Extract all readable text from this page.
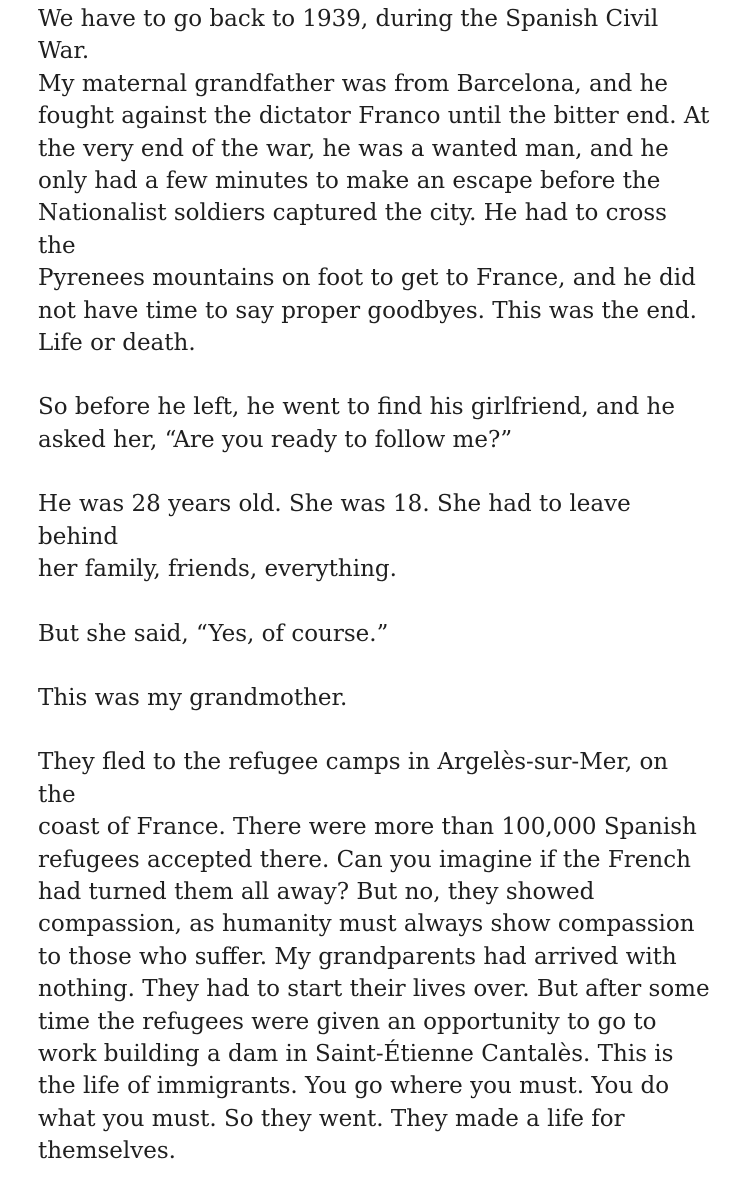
We have to go back to 1939, during the Spanish Civil War.
My maternal grandfather was from Barcelona, and he
fought against the dictator Franco until the bitter end. At
the very end of the war, he was a wanted man, and he
only had a few minutes to make an escape before the
Nationalist soldiers captured the city. He had to cross the
Pyrenees mountains on foot to get to France, and he did
not have time to say proper goodbyes. This was the end.
Life or death.

So before he left, he went to find his girlfriend, and he
asked her, “Are you ready to follow me?”

He was 28 years old. She was 18. She had to leave behind
her family, friends, everything.

But she said, “Yes, of course.”

This was my grandmother.

They fled to the refugee camps in Argelès-sur-Mer, on the
coast of France. There were more than 100,000 Spanish
refugees accepted there. Can you imagine if the French
had turned them all away? But no, they showed
compassion, as humanity must always show compassion
to those who suffer. My grandparents had arrived with
nothing. They had to start their lives over. But after some
time the refugees were given an opportunity to go to
work building a dam in Saint-Étienne Cantalès. This is
the life of immigrants. You go where you must. You do
what you must. So they went. They made a life for
themselves.
